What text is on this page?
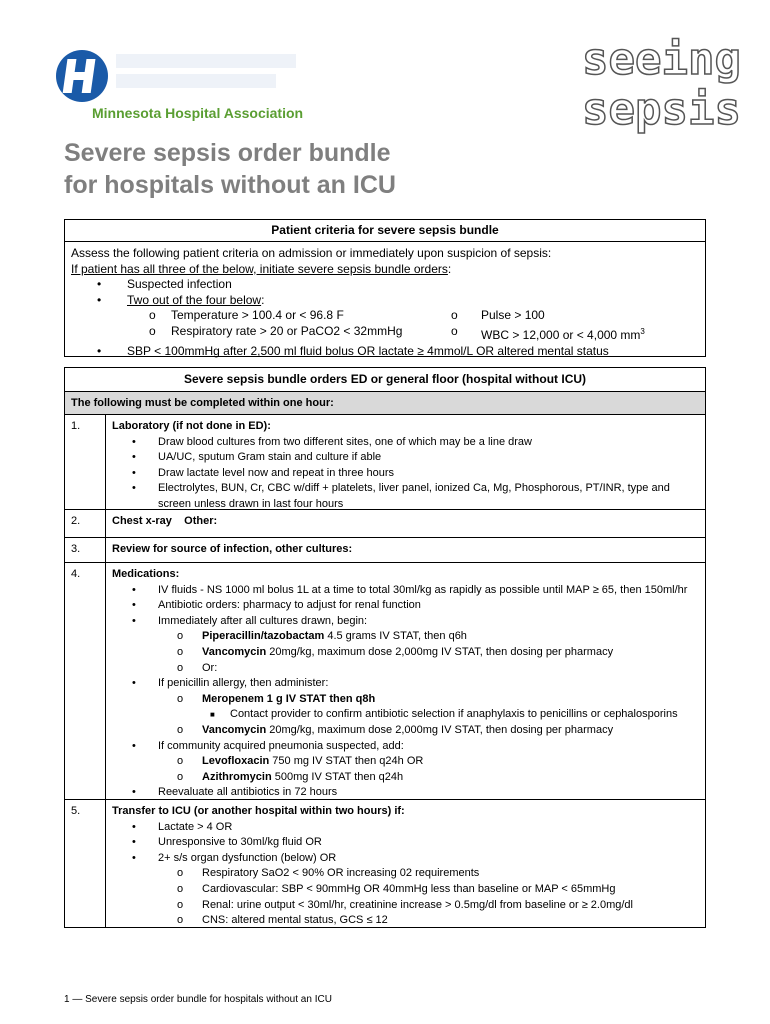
Minnesota Hospital Association
seeing
sepsis
Severe sepsis order bundle
for hospitals without an ICU
Patient criteria for severe sepsis bundle
Assess the following patient criteria on admission or immediately upon suspicion of sepsis:
If patient has all three of the below, initiate severe sepsis bundle orders:
• Suspected infection
• Two out of the four below:
o Temperature > 100.4 or < 96.8 F	o Pulse > 100
o Respiratory rate > 20 or PaCO2 < 32mmHg	o WBC > 12,000 or < 4,000 $mm^3$
• SBP < 100mmHg after 2,500 ml fluid bolus OR lactate ≥ 4mmol/L OR altered mental status
Severe sepsis bundle orders ED or general floor (hospital without ICU)
The following must be completed within one hour:
1.	Laboratory (if not done in ED):
• Draw blood cultures from two different sites, one of which may be a line draw
• UA/UC, sputum Gram stain and culture if able
• Draw lactate level now and repeat in three hours
• Electrolytes, BUN, Cr, CBC w/diff + platelets, liver panel, ionized Ca, Mg, Phosphorous, PT/INR, type and screen unless drawn in last four hours
2.	Chest x-ray Other:
3.	Review for source of infection, other cultures:
4.	Medications:
• IV fluids - NS 1000 ml bolus 1L at a time to total 30ml/kg as rapidly as possible until MAP ≥ 65, then 150ml/hr
• Antibiotic orders: pharmacy to adjust for renal function
• Immediately after all cultures drawn, begin:
o Piperacillin/tazobactam 4.5 grams IV STAT, then q6h
o Vancomycin 20mg/kg, maximum dose 2,000mg IV STAT, then dosing per pharmacy
o Or:
• If penicillin allergy, then administer:
o Meropenem 1 g IV STAT then q8h
■ Contact provider to confirm antibiotic selection if anaphylaxis to penicillins or cephalosporins
o Vancomycin 20mg/kg, maximum dose 2,000mg IV STAT, then dosing per pharmacy
• If community acquired pneumonia suspected, add:
o Levofloxacin 750 mg IV STAT then q24h OR
o Azithromycin 500mg IV STAT then q24h
• Reevaluate all antibiotics in 72 hours
5.	Transfer to ICU (or another hospital within two hours) if:
• Lactate > 4 OR
• Unresponsive to 30ml/kg fluid OR
• 2+ s/s organ dysfunction (below) OR
o Respiratory SaO2 < 90% OR increasing 02 requirements
o Cardiovascular: SBP < 90mmHg OR 40mmHg less than baseline or MAP < 65mmHg
o Renal: urine output < 30ml/hr, creatinine increase > 0.5mg/dl from baseline or ≥ 2.0mg/dl
o CNS: altered mental status, GCS ≤ 12
1 — Severe sepsis order bundle for hospitals without an ICU
